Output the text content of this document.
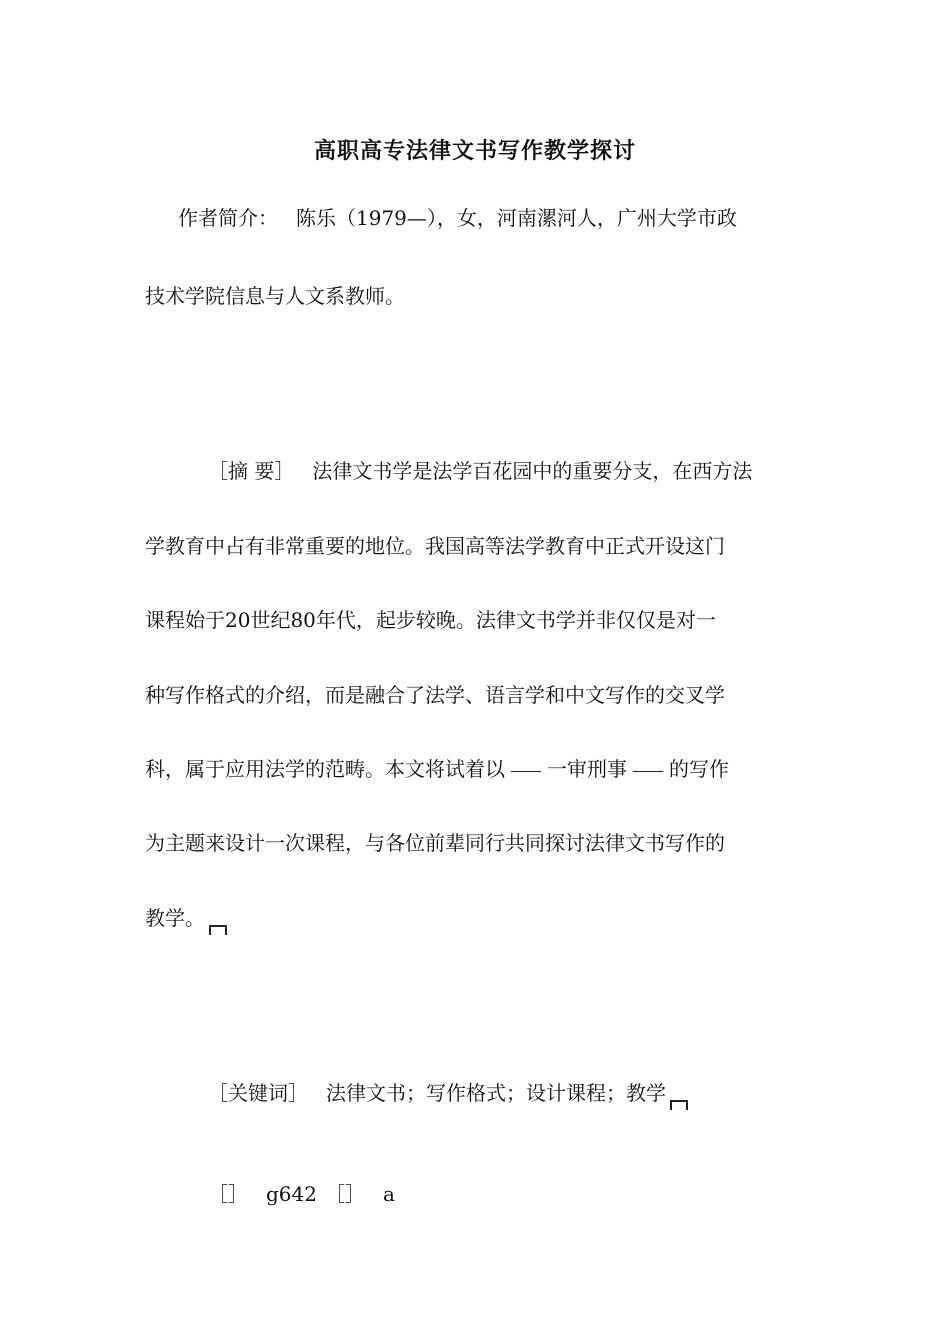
高职高专法律文书写作教学探讨

作者简介： 陈乐（1979—），女，河南漯河人，广州大学市政

技术学院信息与人文系教师。

［摘 要］ 法律文书学是法学百花园中的重要分支，在西方法

学教育中占有非常重要的地位。我国高等法学教育中正式开设这门

课程始于20世纪80年代，起步较晚。法律文书学并非仅仅是对一

种写作格式的介绍，而是融合了法学、语言学和中文写作的交叉学

科，属于应用法学的范畴。本文将试着以 一审刑事 的写作

为主题来设计一次课程，与各位前辈同行共同探讨法律文书写作的

教学。

［关键词］ 法律文书；写作格式；设计课程；教学

［］ g642 ［］ a
